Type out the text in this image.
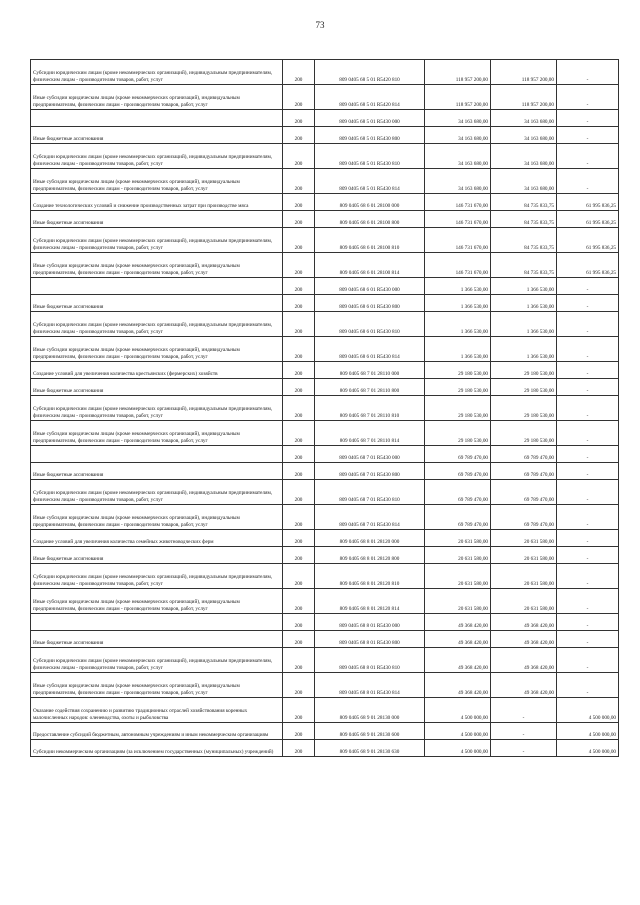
73
Субсидии юридическим лицам (кроме некоммерческих организаций), индивидуальным предпринимателям, физическим лицам - производителям товаров, работ, услуг	200	809 0405 68 5 01 R5420 810	118 957 200,00	118 957 200,00	-
Иные субсидии юридическим лицам (кроме некоммерческих организаций), индивидуальным предпринимателям, физическим лицам - производителям товаров, работ, услуг	200	809 0405 68 5 01 R5420 814	118 957 200,00	118 957 200,00	-
	200	809 0405 68 5 01 R5430 000	34 163 680,00	34 163 680,00	-
Иные бюджетные ассигнования	200	809 0405 68 5 01 R5430 800	34 163 680,00	34 163 680,00	-
Субсидии юридическим лицам (кроме некоммерческих организаций), индивидуальным предпринимателям, физическим лицам - производителям товаров, работ, услуг	200	809 0405 68 5 01 R5430 810	34 163 680,00	34 163 680,00	-
Иные субсидии юридическим лицам (кроме некоммерческих организаций), индивидуальным предпринимателям, физическим лицам - производителям товаров, работ, услуг	200	809 0405 68 5 01 R5430 814	34 163 680,00	34 163 680,00	-
Создание технологических условий и снижение производственных затрат при производстве мяса	200	809 0405 68 6 01 28100 000	146 731 670,00	84 735 833,75	61 995 836,25
Иные бюджетные ассигнования	200	809 0405 68 6 01 28100 800	146 731 670,00	84 735 833,75	61 995 836,25
Субсидии юридическим лицам (кроме некоммерческих организаций), индивидуальным предпринимателям, физическим лицам - производителям товаров, работ, услуг	200	809 0405 68 6 01 28100 810	146 731 670,00	84 735 833,75	61 995 836,25
Иные субсидии юридическим лицам (кроме некоммерческих организаций), индивидуальным предпринимателям, физическим лицам - производителям товаров, работ, услуг	200	809 0405 68 6 01 28100 814	146 731 670,00	84 735 833,75	61 995 836,25
	200	809 0405 68 6 01 R5430 000	1 366 530,00	1 366 530,00	-
Иные бюджетные ассигнования	200	809 0405 68 6 01 R5430 800	1 366 530,00	1 366 530,00	-
Субсидии юридическим лицам (кроме некоммерческих организаций), индивидуальным предпринимателям, физическим лицам - производителям товаров, работ, услуг	200	809 0405 68 6 01 R5430 810	1 366 530,00	1 366 530,00	-
Иные субсидии юридическим лицам (кроме некоммерческих организаций), индивидуальным предпринимателям, физическим лицам - производителям товаров, работ, услуг	200	809 0405 68 6 01 R5430 814	1 366 530,00	1 366 530,00	-
Создание условий для увеличения количества крестьянских (фермерских) хозяйств	200	809 0405 68 7 01 28110 000	29 180 530,00	29 180 530,00	-
Иные бюджетные ассигнования	200	809 0405 68 7 01 28110 800	29 180 530,00	29 180 530,00	-
Субсидии юридическим лицам (кроме некоммерческих организаций), индивидуальным предпринимателям, физическим лицам - производителям товаров, работ, услуг	200	809 0405 68 7 01 28110 810	29 180 530,00	29 180 530,00	-
Иные субсидии юридическим лицам (кроме некоммерческих организаций), индивидуальным предпринимателям, физическим лицам - производителям товаров, работ, услуг	200	809 0405 68 7 01 28110 814	29 180 530,00	29 180 530,00	-
	200	809 0405 68 7 01 R5430 000	69 789 470,00	69 789 470,00	-
Иные бюджетные ассигнования	200	809 0405 68 7 01 R5430 800	69 789 470,00	69 789 470,00	-
Субсидии юридическим лицам (кроме некоммерческих организаций), индивидуальным предпринимателям, физическим лицам - производителям товаров, работ, услуг	200	809 0405 68 7 01 R5430 810	69 789 470,00	69 789 470,00	-
Иные субсидии юридическим лицам (кроме некоммерческих организаций), индивидуальным предпринимателям, физическим лицам - производителям товаров, работ, услуг	200	809 0405 68 7 01 R5430 814	69 789 470,00	69 789 470,00	-
Создание условий для увеличения количества семейных животноводческих ферм	200	809 0405 68 8 01 28120 000	20 631 580,00	20 631 580,00	-
Иные бюджетные ассигнования	200	809 0405 68 8 01 28120 800	20 631 580,00	20 631 580,00	-
Субсидии юридическим лицам (кроме некоммерческих организаций), индивидуальным предпринимателям, физическим лицам - производителям товаров, работ, услуг	200	809 0405 68 8 01 28120 810	20 631 580,00	20 631 580,00	-
Иные субсидии юридическим лицам (кроме некоммерческих организаций), индивидуальным предпринимателям, физическим лицам - производителям товаров, работ, услуг	200	809 0405 68 8 01 28120 814	20 631 580,00	20 631 580,00	-
	200	809 0405 68 8 01 R5430 000	49 368 420,00	49 368 420,00	-
Иные бюджетные ассигнования	200	809 0405 68 8 01 R5430 800	49 368 420,00	49 368 420,00	-
Субсидии юридическим лицам (кроме некоммерческих организаций), индивидуальным предпринимателям, физическим лицам - производителям товаров, работ, услуг	200	809 0405 68 8 01 R5430 810	49 368 420,00	49 368 420,00	-
Иные субсидии юридическим лицам (кроме некоммерческих организаций), индивидуальным предпринимателям, физическим лицам - производителям товаров, работ, услуг	200	809 0405 68 8 01 R5430 814	49 368 420,00	49 368 420,00	-
Оказание содействия сохранению и развитию традиционных отраслей хозяйствования коренных малочисленных народов: оленеводства, охоты и рыболовства	200	809 0405 68 9 01 28130 000	4 500 000,00	-	4 500 000,00
Предоставление субсидий бюджетным, автономным учреждениям и иным некоммерческим организациям	200	809 0405 68 9 01 28130 600	4 500 000,00	-	4 500 000,00
Субсидии некоммерческим организациям (за исключением государственных (муниципальных) учреждений)	200	809 0405 68 9 01 28130 630	4 500 000,00	-	4 500 000,00
